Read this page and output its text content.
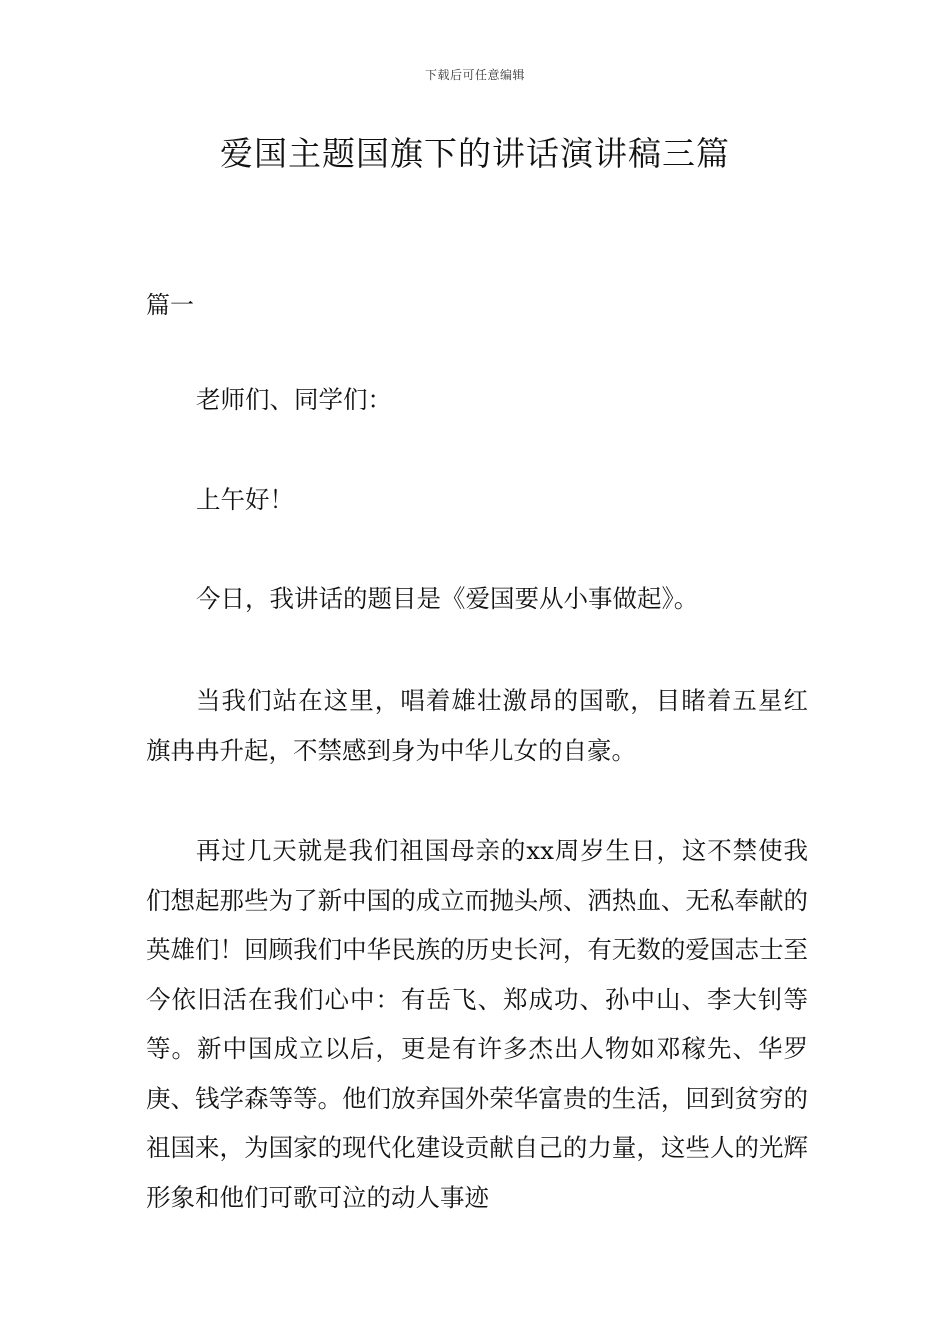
下载后可任意编辑
爱国主题国旗下的讲话演讲稿三篇

篇一

老师们、同学们：

上午好！

今日，我讲话的题目是《爱国要从小事做起》。

当我们站在这里，唱着雄壮激昂的国歌，目睹着五星红旗冉冉升起，不禁感到身为中华儿女的自豪。

再过几天就是我们祖国母亲的xx周岁生日，这不禁使我们想起那些为了新中国的成立而抛头颅、洒热血、无私奉献的英雄们！回顾我们中华民族的历史长河，有无数的爱国志士至今依旧活在我们心中：有岳飞、郑成功、孙中山、李大钊等等。新中国成立以后，更是有许多杰出人物如邓稼先、华罗庚、钱学森等等。他们放弃国外荣华富贵的生活，回到贫穷的祖国来，为国家的现代化建设贡献自己的力量，这些人的光辉形象和他们可歌可泣的动人事迹
